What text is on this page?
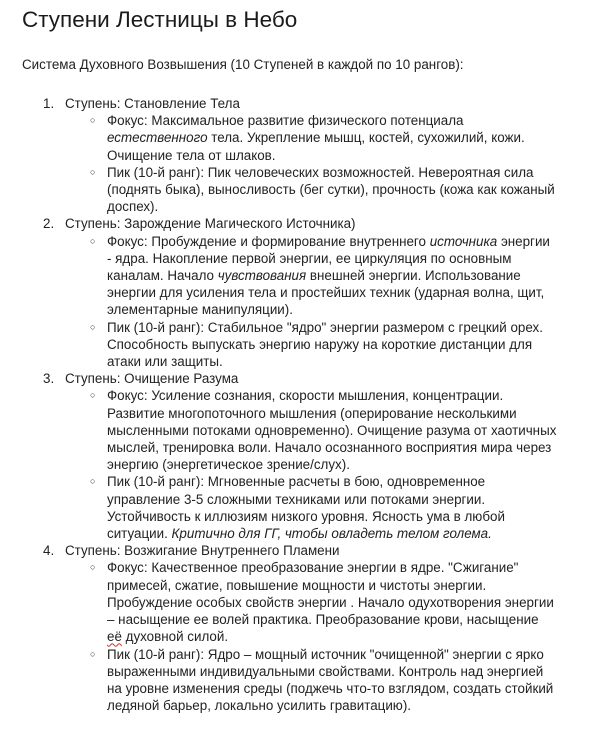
Ступени Лестницы в Небо

Система Духовного Возвышения (10 Ступеней в каждой по 10 рангов):

1. Ступень: Становление Тела
○ Фокус: Максимальное развитие физического потенциала естественного тела. Укрепление мышц, костей, сухожилий, кожи. Очищение тела от шлаков.
○ Пик (10-й ранг): Пик человеческих возможностей. Невероятная сила (поднять быка), выносливость (бег сутки), прочность (кожа как кожаный доспех).
2. Ступень: Зарождение Магического Источника)
○ Фокус: Пробуждение и формирование внутреннего источника энергии - ядра. Накопление первой энергии, ее циркуляция по основным каналам. Начало чувствования внешней энергии. Использование энергии для усиления тела и простейших техник (ударная волна, щит, элементарные манипуляции).
○ Пик (10-й ранг): Стабильное "ядро" энергии размером с грецкий орех. Способность выпускать энергию наружу на короткие дистанции для атаки или защиты.
3. Ступень: Очищение Разума
○ Фокус: Усиление сознания, скорости мышления, концентрации. Развитие многопоточного мышления (оперирование несколькими мысленными потоками одновременно). Очищение разума от хаотичных мыслей, тренировка воли. Начало осознанного восприятия мира через энергию (энергетическое зрение/слух).
○ Пик (10-й ранг): Мгновенные расчеты в бою, одновременное управление 3-5 сложными техниками или потоками энергии. Устойчивость к иллюзиям низкого уровня. Ясность ума в любой ситуации. Критично для ГГ, чтобы овладеть телом голема.
4. Ступень: Возжигание Внутреннего Пламени
○ Фокус: Качественное преобразование энергии в ядре. "Сжигание" примесей, сжатие, повышение мощности и чистоты энергии. Пробуждение особых свойств энергии . Начало одухотворения энергии – насыщение ее волей практика. Преобразование крови, насыщение её духовной силой.
○ Пик (10-й ранг): Ядро – мощный источник "очищенной" энергии с ярко выраженными индивидуальными свойствами. Контроль над энергией на уровне изменения среды (поджечь что-то взглядом, создать стойкий ледяной барьер, локально усилить гравитацию).
